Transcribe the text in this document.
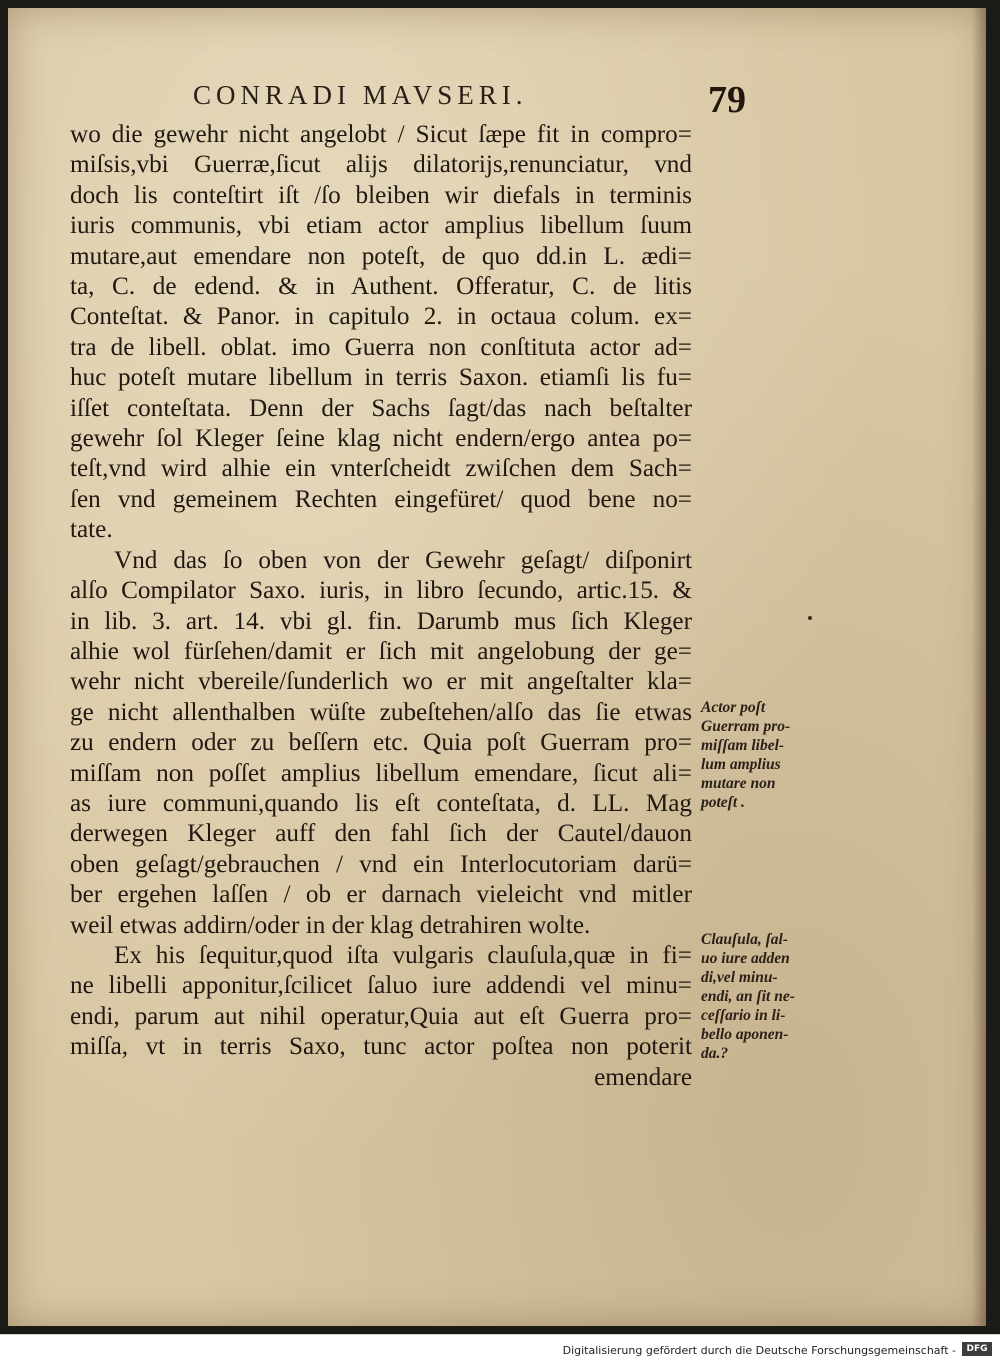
CONRADI MAVSERI.	79
wo die gewehr nicht angelobt / Sicut ſæpe fit in compro=
miſsis,vbi Guerræ,ſicut alijs dilatorijs,renunciatur, vnd
doch lis conteſtirt iſt /ſo bleiben wir diefals in terminis
iuris communis, vbi etiam actor amplius libellum ſuum
mutare,aut emendare non poteſt, de quo dd.in L. ædi=
ta, C. de edend. & in Authent. Offeratur, C. de litis
Conteſtat. & Panor. in capitulo 2. in octaua colum. ex=
tra de libell. oblat. imo Guerra non conſtituta actor ad=
huc poteſt mutare libellum in terris Saxon. etiamſi lis fu=
iſſet conteſtata. Denn der Sachs ſagt/das nach beſtalter
gewehr ſol Kleger ſeine klag nicht endern/ergo antea po=
teſt,vnd wird alhie ein vnterſcheidt zwiſchen dem Sach=
ſen vnd gemeinem Rechten eingefüret/ quod bene no=
tate.
Vnd das ſo oben von der Gewehr geſagt/ diſponirt
alſo Compilator Saxo. iuris, in libro ſecundo, artic.15. &
in lib. 3. art. 14. vbi gl. fin. Darumb mus ſich Kleger
alhie wol fürſehen/damit er ſich mit angelobung der ge=
wehr nicht vbereile/ſunderlich wo er mit angeſtalter kla=
ge nicht allenthalben wüſte zubeſtehen/alſo das ſie etwas
zu endern oder zu beſſern etc. Quia poſt Guerram pro=
miſſam non poſſet amplius libellum emendare, ſicut ali=
as iure communi,quando lis eſt conteſtata, d. LL. Mag
derwegen Kleger auff den fahl ſich der Cautel/dauon
oben geſagt/gebrauchen / vnd ein Interlocutoriam darü=
ber ergehen laſſen / ob er darnach vieleicht vnd mitler
weil etwas addirn/oder in der klag detrahiren wolte.
Ex his ſequitur,quod iſta vulgaris clauſula,quæ in fi=
ne libelli apponitur,ſcilicet ſaluo iure addendi vel minu=
endi, parum aut nihil operatur,Quia aut eſt Guerra pro=
miſſa, vt in terris Saxo, tunc actor poſtea non poterit
emendare
Actor poſt
Guerram pro-
miſſam libel-
lum amplius
mutare non
poteſt .
Clauſula, ſal-
uo iure adden
di,vel minu-
endi, an ſit ne-
ceſſario in li-
bello aponen-
da.?
Digitalisierung gefördert durch die Deutsche Forschungsgemeinschaft -	DFG
